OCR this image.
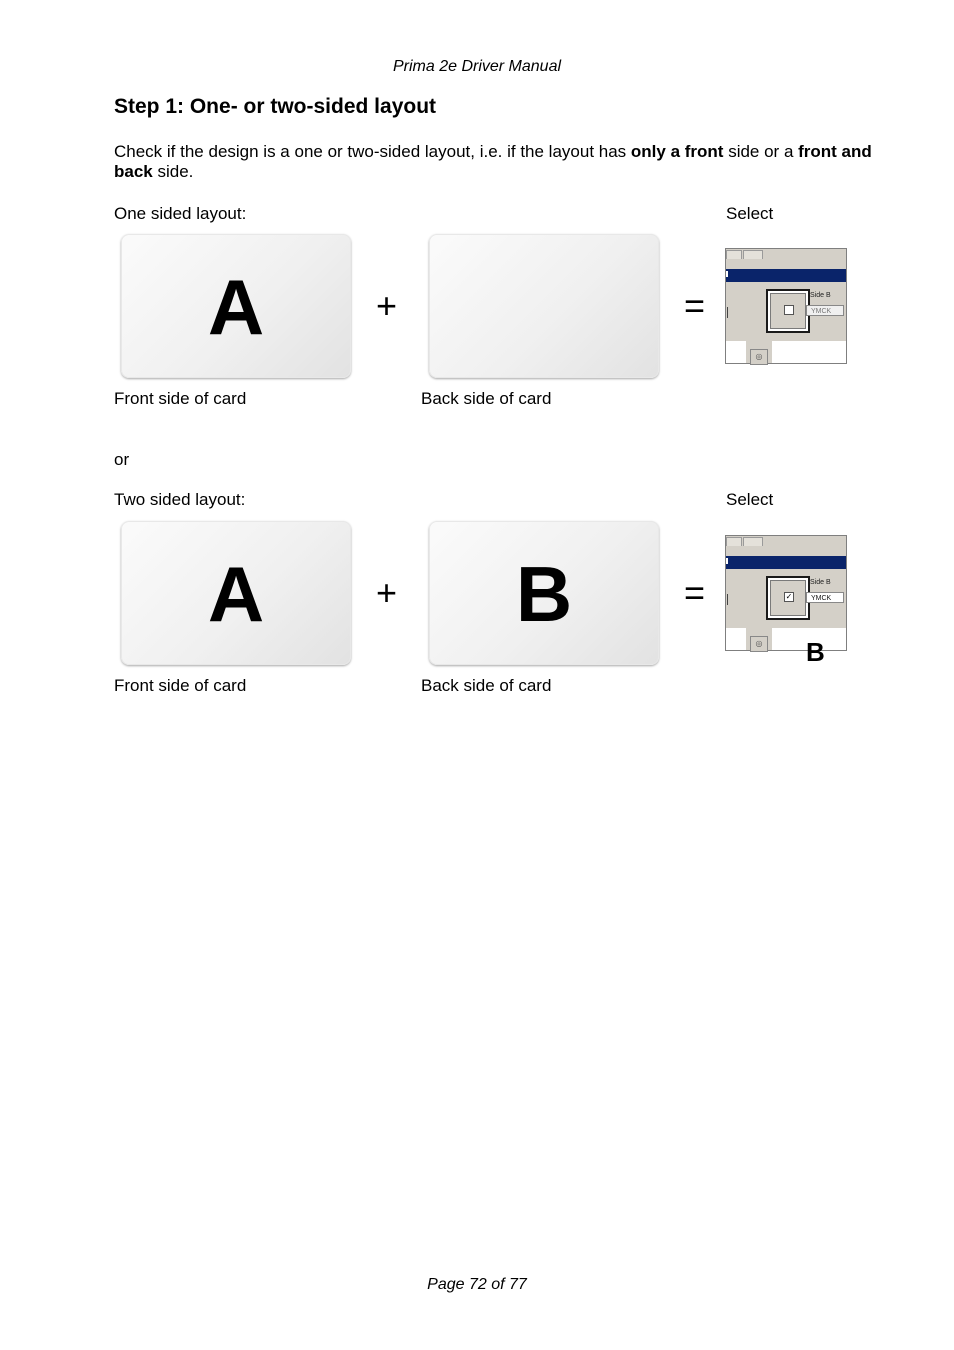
Prima 2e Driver Manual
Step 1: One- or two-sided layout
Check if the design is a one or two-sided layout, i.e. if the layout has only a front side or a front and back side.
One sided layout:	Select
A	+	=	Side B
YMCK
◎
Front side of card	Back side of card
or
Two sided layout:	Select
A	+ B	=	✓
Side B
YMCK
◎ B
Front side of card	Back side of card
Page 72 of 77
